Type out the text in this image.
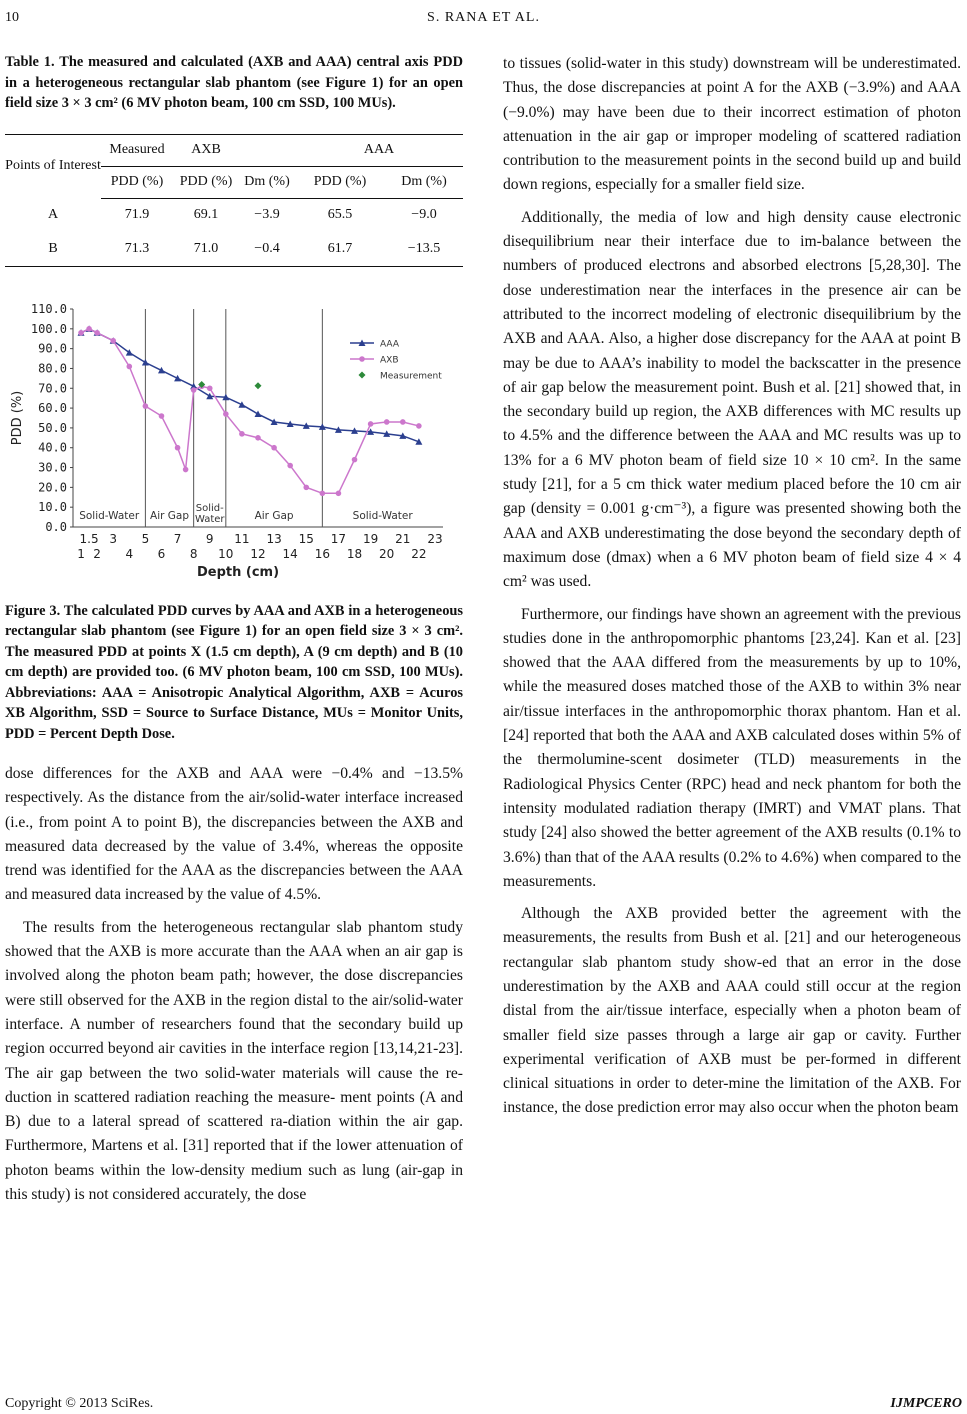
10	S. RANA ET AL.
Table 1. The measured and calculated (AXB and AAA) central axis PDD in a heterogeneous rectangular slab phantom (see Figure 1) for an open field size 3 × 3 cm² (6 MV photon beam, 100 cm SSD, 100 MUs).
Points of Interest	Measured	AXB		AAA	
	PDD (%)	PDD (%)	Dm (%)	PDD (%)	Dm (%)
A	71.9	69.1	−3.9	65.5	−9.0
B	71.3	71.0	−0.4	61.7	−13.5
0.0
10.0
20.0
30.0
40.0
50.0
60.0
70.0
80.0
90.0
100.0
110.0
PDD (%)
Solid-Water Air Gap
Solid-
Water	Air Gap	Solid-Water
1.5 3 5 7 9 11 13 15 17 19 21 23
1 2 4 6 8 10 12 14 16 18 20 22
Depth (cm)
AAA
AXB
Measurement
Figure 3. The calculated PDD curves by AAA and AXB in a heterogeneous rectangular slab phantom (see Figure 1) for an open field size 3 × 3 cm². The measured PDD at points X (1.5 cm depth), A (9 cm depth) and B (10 cm depth) are provided too. (6 MV photon beam, 100 cm SSD, 100 MUs). Abbreviations: AAA = Anisotropic Analytical Algorithm, AXB = Acuros XB Algorithm, SSD = Source to Surface Distance, MUs = Monitor Units, PDD = Percent Depth Dose.

dose differences for the AXB and AAA were −0.4% and −13.5% respectively. As the distance from the air/solid-water interface increased (i.e., from point A to point B), the discrepancies between the AXB and measured data decreased by the value of 3.4%, whereas the opposite trend was identified for the AAA as the discrepancies between the AAA and measured data increased by the value of 4.5%.

The results from the heterogeneous rectangular slab phantom study showed that the AXB is more accurate than the AAA when an air gap is involved along the photon beam path; however, the dose discrepancies were still observed for the AXB in the region distal to the air/solid-water interface. A number of researchers found that the secondary build up region occurred beyond air cavities in the interface region [13,14,21-23]. The air gap between the two solid-water materials will cause the re-duction in scattered radiation reaching the measure- ment points (A and B) due to a lateral spread of scattered ra-diation within the air gap. Furthermore, Martens et al. [31] reported that if the lower attenuation of photon beams within the low-density medium such as lung (air-gap in this study) is not considered accurately, the dose

to tissues (solid-water in this study) downstream will be underestimated. Thus, the dose discrepancies at point A for the AXB (−3.9%) and AAA (−9.0%) may have been due to their incorrect estimation of photon attenuation in the air gap or improper modeling of scattered radiation contribution to the measurement points in the second build up and build down regions, especially for a smaller field size.

Additionally, the media of low and high density cause electronic disequilibrium near their interface due to im-balance between the numbers of produced electrons and absorbed electrons [5,28,30]. The dose underestimation near the interfaces in the presence air can be attributed to the incorrect modeling of electronic disequilibrium by the AXB and AAA. Also, a higher dose discrepancy for the AAA at point B may be due to AAA’s inability to model the backscatter in the presence of air gap below the measurement point. Bush et al. [21] showed that, in the secondary build up region, the AXB differences with MC results up to 4.5% and the difference between the AAA and MC results was up to 13% for a 6 MV photon beam of field size 10 × 10 cm². In the same study [21], for a 5 cm thick water medium placed before the 10 cm air gap (density = 0.001 g·cm⁻³), a figure was presented showing both the AAA and AXB underestimating the dose beyond the secondary depth of maximum dose (dmax) when a 6 MV photon beam of field size 4 × 4 cm² was used.

Furthermore, our findings have shown an agreement with the previous studies done in the anthropomorphic phantoms [23,24]. Kan et al. [23] showed that the AAA differed from the measurements by up to 10%, while the measured doses matched those of the AXB to within 3% near air/tissue interfaces in the anthropomorphic thorax phantom. Han et al. [24] reported that both the AAA and AXB calculated doses within 5% of the thermolumine-scent dosimeter (TLD) measurements in the Radiological Physics Center (RPC) head and neck phantom for both the intensity modulated radiation therapy (IMRT) and VMAT plans. That study [24] also showed the better agreement of the AXB results (0.1% to 3.6%) than that of the AAA results (0.2% to 4.6%) when compared to the measurements.

Although the AXB provided better the agreement with the measurements, the results from Bush et al. [21] and our heterogeneous rectangular slab phantom study show-ed that an error in the dose underestimation by the AXB and AAA could still occur at the region distal from the air/tissue interface, especially when a photon beam of smaller field size passes through a large air gap or cavity. Further experimental verification of AXB must be per-formed in different clinical situations in order to deter-mine the limitation of the AXB. For instance, the dose prediction error may also occur when the photon beam

Copyright © 2013 SciRes.	IJMPCERO
